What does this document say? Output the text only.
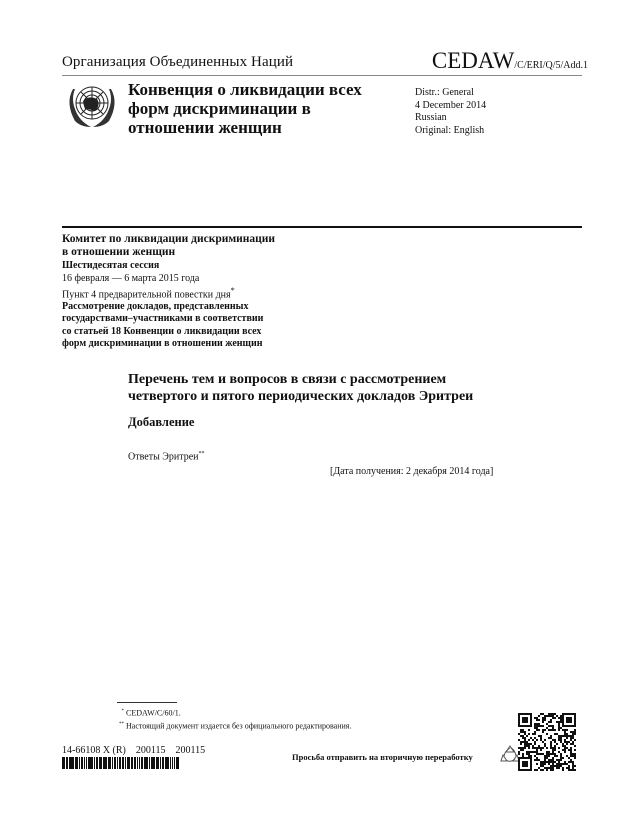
Организация Объединенных Наций	CEDAW/C/ERI/Q/5/Add.1
Конвенция о ликвидации всех
форм дискриминации в
отношении женщин
Distr.: General
4 December 2014
Russian
Original: English
Комитет по ликвидации дискриминации
в отношении женщин
Шестидесятая сессия
16 февраля — 6 марта 2015 года
Пункт 4 предварительной повестки дня*
Рассмотрение докладов, представленных
государствами–участниками в соответствии
со статьей 18 Конвенции о ликвидации всех
форм дискриминации в отношении женщин
Перечень тем и вопросов в связи с рассмотрением
четвертого и пятого периодических докладов Эритреи
Добавление
Ответы Эритреи**
[Дата получения: 2 декабря 2014 года]
* CEDAW/C/60/1.
** Настоящий документ издается без официального редактирования.
14-66108 X (R)    200115    200115
Просьба отправить на вторичную переработку
